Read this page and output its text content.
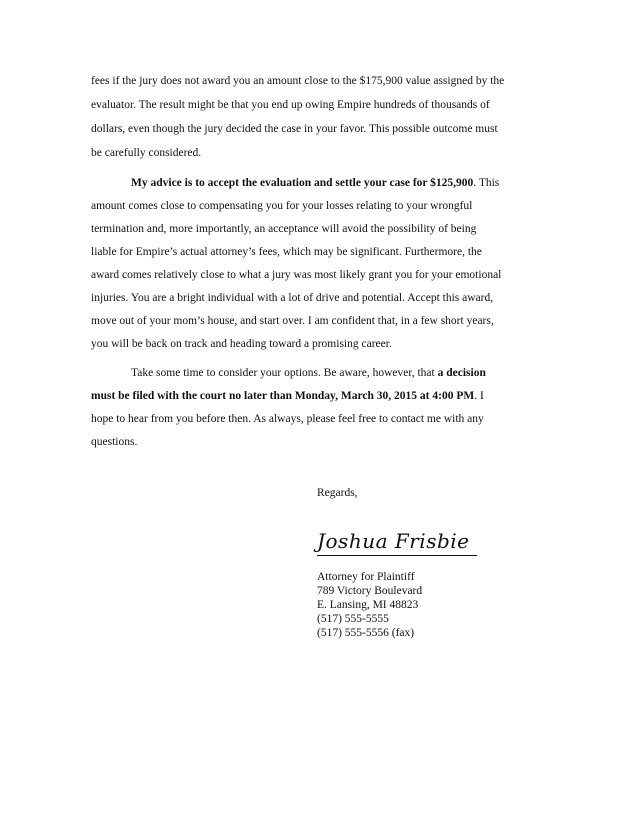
fees if the jury does not award you an amount close to the $175,900 value assigned by the
evaluator. The result might be that you end up owing Empire hundreds of thousands of
dollars, even though the jury decided the case in your favor. This possible outcome must
be carefully considered.
My advice is to accept the evaluation and settle your case for $125,900. This
amount comes close to compensating you for your losses relating to your wrongful
termination and, more importantly, an acceptance will avoid the possibility of being
liable for Empire’s actual attorney’s fees, which may be significant. Furthermore, the
award comes relatively close to what a jury was most likely grant you for your emotional
injuries. You are a bright individual with a lot of drive and potential. Accept this award,
move out of your mom’s house, and start over. I am confident that, in a few short years,
you will be back on track and heading toward a promising career.
Take some time to consider your options. Be aware, however, that a decision
must be filed with the court no later than Monday, March 30, 2015 at 4:00 PM. I
hope to hear from you before then. As always, please feel free to contact me with any
questions.
Regards,
Joshua Frisbie
Attorney for Plaintiff
789 Victory Boulevard
E. Lansing, MI 48823
(517) 555-5555
(517) 555-5556 (fax)
